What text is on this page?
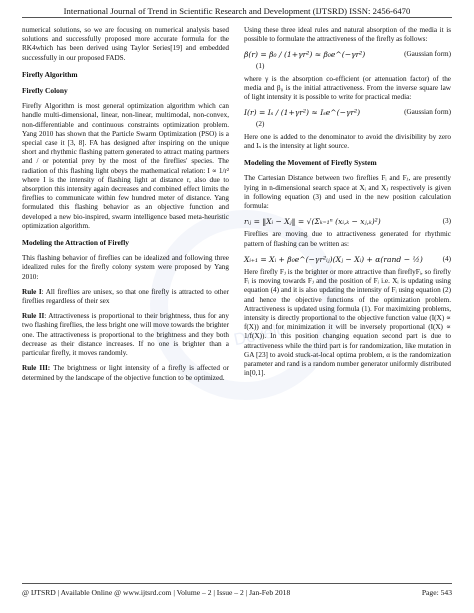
International Journal of Trend in Scientific Research and Development (IJTSRD) ISSN: 2456-6470
Develo

numerical solutions, so we are focusing on numerical analysis based solutions and successfully proposed more accurate formula for the RK4which has been derived using Taylor Series[19] and embedded successfully in our proposed FADS.

Firefly Algorithm
Firefly Colony

Firefly Algorithm is most general optimization algorithm which can handle multi-dimensional, linear, non-linear, multimodal, non-convex, non-differentiable and continuous constraints optimization problem. Yang 2010 has shown that the Particle Swarm Optimization (PSO) is a special case it [3, 8]. FA has designed after inspiring on the unique short and rhythmic flashing pattern generated to attract mating partners and / or potential prey by the most of the fireflies' species. The radiation of this flashing light obeys the mathematical relation: I ∝ 1/r² where I is the intensity of flashing light at distance r, also due to absorption this intensity again decreases and combined effect limits the fireflies to communicate within few hundred meter of distance. Yang formulated this flashing behavior as an objective function and developed a new bio-inspired, swarm intelligence based meta-heuristic optimization algorithm.

Modeling the Attraction of Firefly

This flashing behavior of fireflies can be idealized and following three idealized rules for the firefly colony system were proposed by Yang 2010:

Rule I: All fireflies are unisex, so that one firefly is attracted to other fireflies regardless of their sex

Rule II: Attractiveness is proportional to their brightness, thus for any two flashing fireflies, the less bright one will move towards the brighter one. The attractiveness is proportional to the brightness and they both decrease as their distance increases. If no one is brighter than a particular firefly, it moves randomly.

Rule III: The brightness or light intensity of a firefly is affected or determined by the landscape of the objective function to be optimized.

Using these three ideal rules and natural absorption of the media it is possible to formulate the attractiveness of the firefly as follows:

β(r) = β₀ / (1+γr²) ≈ β₀e^(−γr²)	(Gaussian form)
(1)

where γ is the absorption co-efficient (or attenuation factor) of the media and β₀ is the initial attractiveness. From the inverse square law of light intensity it is possible to write for practical media:

I(r) = Iₛ / (1+γr²) ≈ Iₛe^(−γr²)	(Gaussian form)
(2)

Here one is added to the denominator to avoid the divisibility by zero and Iₛ is the intensity at light source.

Modeling the Movement of Firefly System

The Cartesian Distance between two fireflies Fᵢ and Fⱼ, are presently lying in n-dimensional search space at Xᵢ and Xⱼ respectively is given in following equation (3) and used in the new position calculation formula:

rᵢⱼ = ‖Xᵢ − Xⱼ‖ = √(Σₖ₌₁ⁿ (xᵢ,ₖ − xⱼ,ₖ)²)	(3)

Fireflies are moving due to attractiveness generated for rhythmic pattern of flashing can be written as:

Xᵢ₊₁ = Xᵢ + β₀e^(−γr²ᵢⱼ)(Xⱼ − Xᵢ) + α(rand − ½)	(4)

Here firefly Fⱼ is the brighter or more attractive than fireflyFᵢ, so firefly Fᵢ is moving towards Fⱼ and the position of Fᵢ i.e. Xᵢ is updating using equation (4) and it is also updating the intensity of Fᵢ using equation (2) and hence the objective functions of the optimization problem. Attractiveness is updated using formula (1). For maximizing problems, intensity is directly proportional to the objective function value (I(X) ∝ f(X)) and for minimization it will be inversely proportional (I(X) ∝ 1/f(X)). In this position changing equation second part is due to attractiveness while the third part is for randomization, like mutation in GA [23] to avoid stuck-at-local optima problem, α is the randomization parameter and rand is a random number generator uniformly distributed in[0,1].

@ IJTSRD | Available Online @ www.ijtsrd.com | Volume – 2 | Issue – 2 | Jan-Feb 2018	Page: 543
